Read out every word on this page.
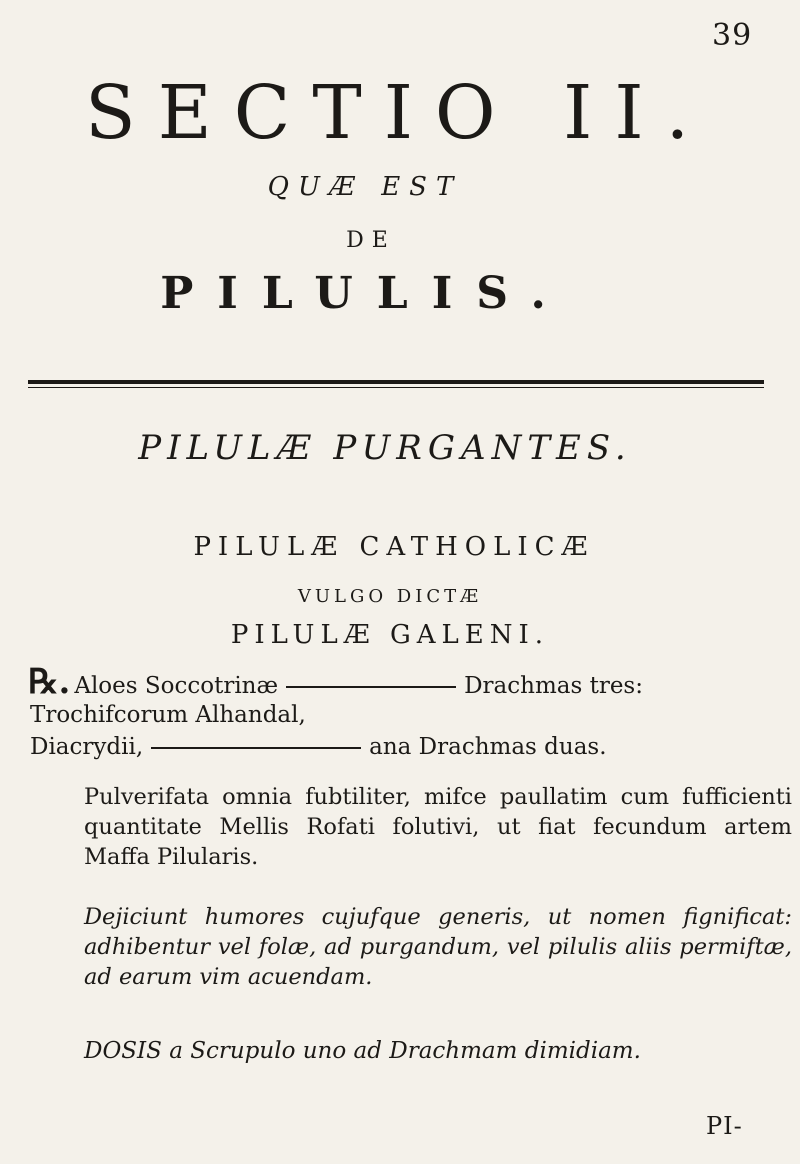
39
SECTIO II.
QUÆ EST
DE
PILULIS.
PILULÆ PURGANTES.
PILULÆ CATHOLICÆ
VULGO DICTÆ
PILULÆ GALENI.
℞. Aloes Soccotrinæ	Drachmas tres:
Trochifcorum Alhandal,
Diacrydii,	ana Drachmas duas.
Pulverifata omnia fubtiliter, mifce paullatim cum fufficienti quantitate Mellis Rofati folutivi, ut fiat fecundum artem Maffa Pilularis.
Dejiciunt humores cujufque generis, ut nomen fignificat: adhibentur vel folæ, ad purgandum, vel pilulis aliis permiftæ, ad earum vim acuendam.
DOSIS a Scrupulo uno ad Drachmam dimidiam.
PI-
